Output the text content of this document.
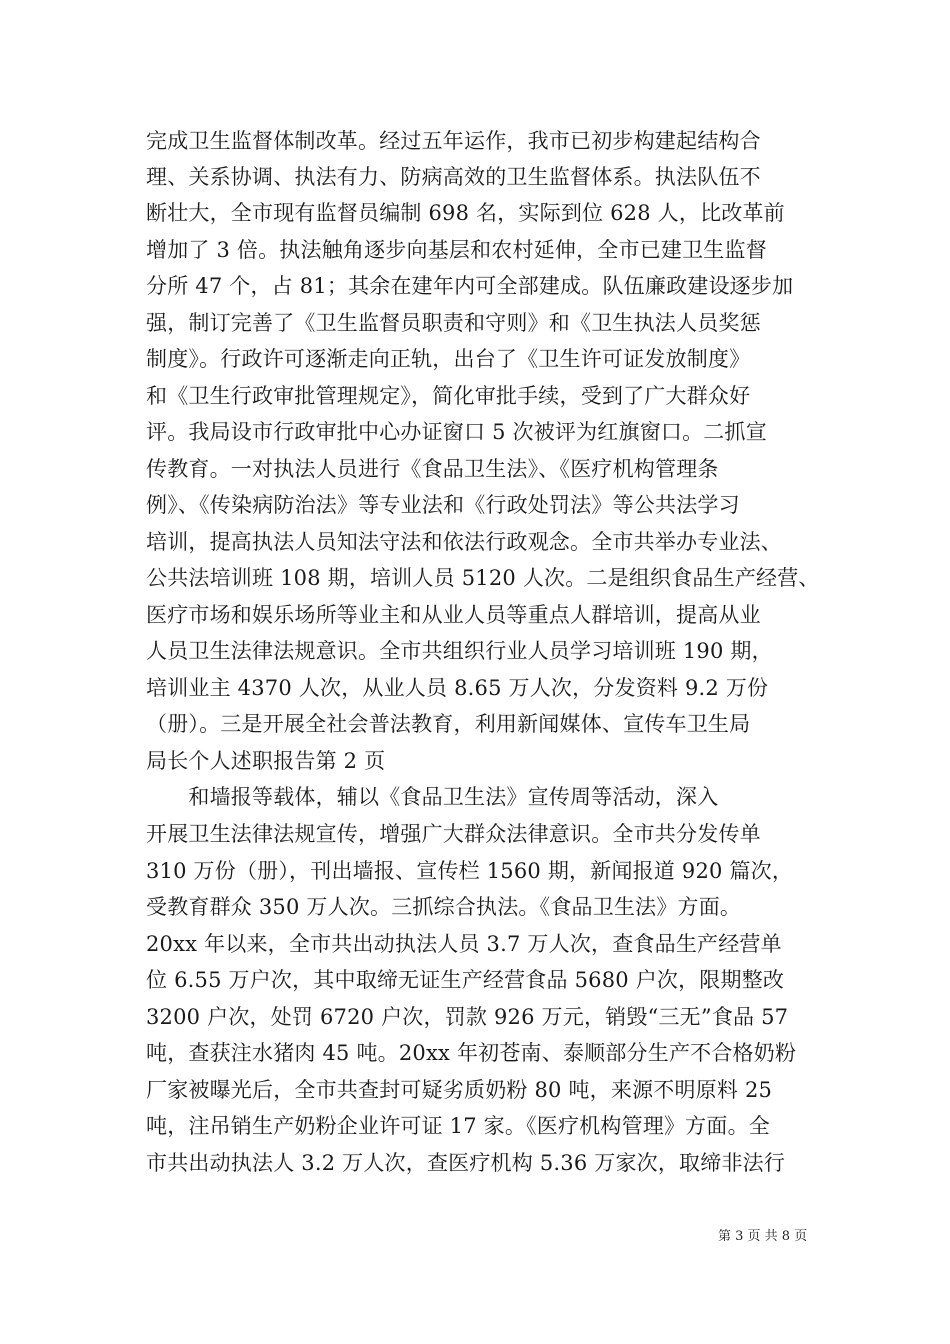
完成卫生监督体制改革。经过五年运作，我市已初步构建起结构合
理、关系协调、执法有力、防病高效的卫生监督体系。执法队伍不
断壮大，全市现有监督员编制 698 名，实际到位 628 人，比改革前
增加了 3 倍。执法触角逐步向基层和农村延伸，全市已建卫生监督
分所 47 个，占 81；其余在建年内可全部建成。队伍廉政建设逐步加
强，制订完善了《卫生监督员职责和守则》和《卫生执法人员奖惩
制度》。行政许可逐渐走向正轨，出台了《卫生许可证发放制度》
和《卫生行政审批管理规定》，简化审批手续，受到了广大群众好
评。我局设市行政审批中心办证窗口 5 次被评为红旗窗口。二抓宣
传教育。一对执法人员进行《食品卫生法》、《医疗机构管理条
例》、《传染病防治法》等专业法和《行政处罚法》等公共法学习
培训，提高执法人员知法守法和依法行政观念。全市共举办专业法、
公共法培训班 108 期，培训人员 5120 人次。二是组织食品生产经营、
医疗市场和娱乐场所等业主和从业人员等重点人群培训，提高从业
人员卫生法律法规意识。全市共组织行业人员学习培训班 190 期，
培训业主 4370 人次，从业人员 8.65 万人次，分发资料 9.2 万份
（册）。三是开展全社会普法教育，利用新闻媒体、宣传车卫生局
局长个人述职报告第 2 页
　　和墙报等载体，辅以《食品卫生法》宣传周等活动，深入
开展卫生法律法规宣传，增强广大群众法律意识。全市共分发传单
310 万份（册），刊出墙报、宣传栏 1560 期，新闻报道 920 篇次，
受教育群众 350 万人次。三抓综合执法。《食品卫生法》方面。
20xx 年以来，全市共出动执法人员 3.7 万人次，查食品生产经营单
位 6.55 万户次，其中取缔无证生产经营食品 5680 户次，限期整改
3200 户次，处罚 6720 户次，罚款 926 万元，销毁“三无”食品 57
吨，查获注水猪肉 45 吨。20xx 年初苍南、泰顺部分生产不合格奶粉
厂家被曝光后，全市共查封可疑劣质奶粉 80 吨，来源不明原料 25
吨，注吊销生产奶粉企业许可证 17 家。《医疗机构管理》方面。全
市共出动执法人 3.2 万人次，查医疗机构 5.36 万家次，取缔非法行
第 3 页 共 8 页
